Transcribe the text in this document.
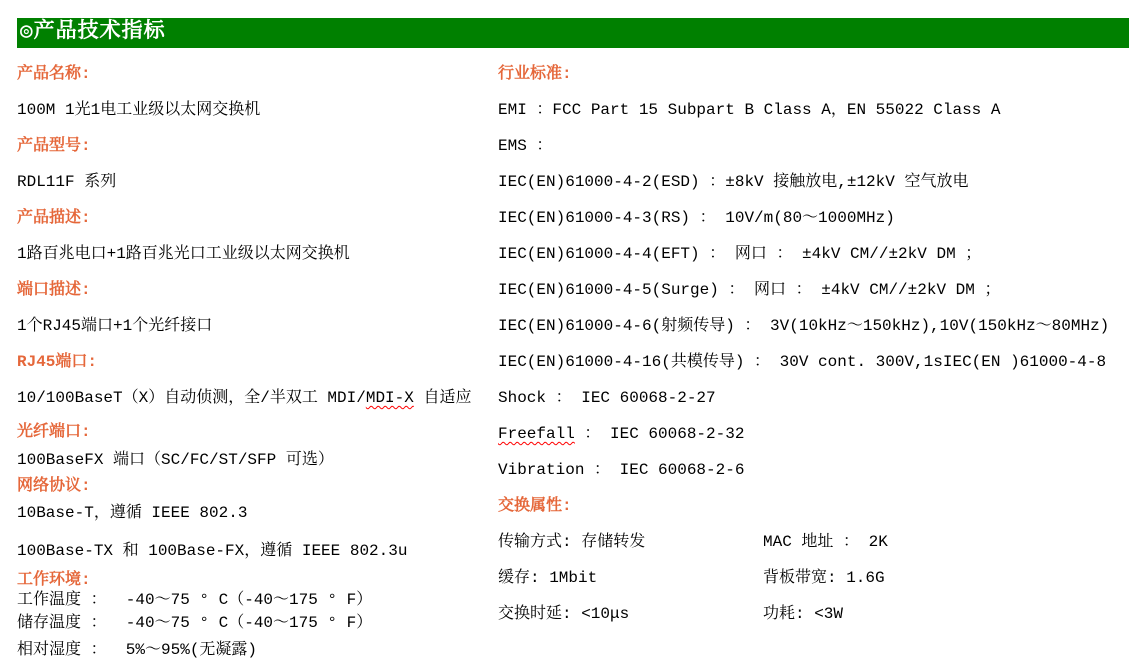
◎产品技术指标
产品名称:
100M 1光1电工业级以太网交换机
产品型号:
RDL11F 系列
产品描述:
1路百兆电口+1路百兆光口工业级以太网交换机
端口描述:
1个RJ45端口+1个光纤接口
RJ45端口:
10/100BaseT（X）自动侦测，全/半双工 MDI/MDI-X 自适应
光纤端口:
100BaseFX 端口（SC/FC/ST/SFP 可选）
网络协议:
10Base-T，遵循 IEEE 802.3
100Base-TX 和 100Base-FX，遵循 IEEE 802.3u
工作环境:
工作温度 ：  -40～75 ° C（-40～175 ° F）
储存温度 ：  -40～75 ° C（-40～175 ° F）
相对湿度 ：  5%～95%(无凝露)
行业标准:
EMI ：FCC Part 15 Subpart B Class A，EN 55022 Class A
EMS ：
IEC(EN)61000-4-2(ESD) ：±8kV 接触放电,±12kV 空气放电
IEC(EN)61000-4-3(RS) ： 10V/m(80～1000MHz)
IEC(EN)61000-4-4(EFT) ： 网口 ： ±4kV CM//±2kV DM ；
IEC(EN)61000-4-5(Surge) ： 网口 ： ±4kV CM//±2kV DM ；
IEC(EN)61000-4-6(射频传导) ： 3V(10kHz～150kHz),10V(150kHz～80MHz)
IEC(EN)61000-4-16(共模传导) ： 30V cont. 300V,1sIEC(EN )61000-4-8
Shock ： IEC 60068-2-27
Freefall ： IEC 60068-2-32
Vibration ： IEC 60068-2-6
交换属性:
传输方式: 存储转发	MAC 地址 ： 2K
缓存: 1Mbit	背板带宽: 1.6G
交换时延: <10μs	功耗: <3W
